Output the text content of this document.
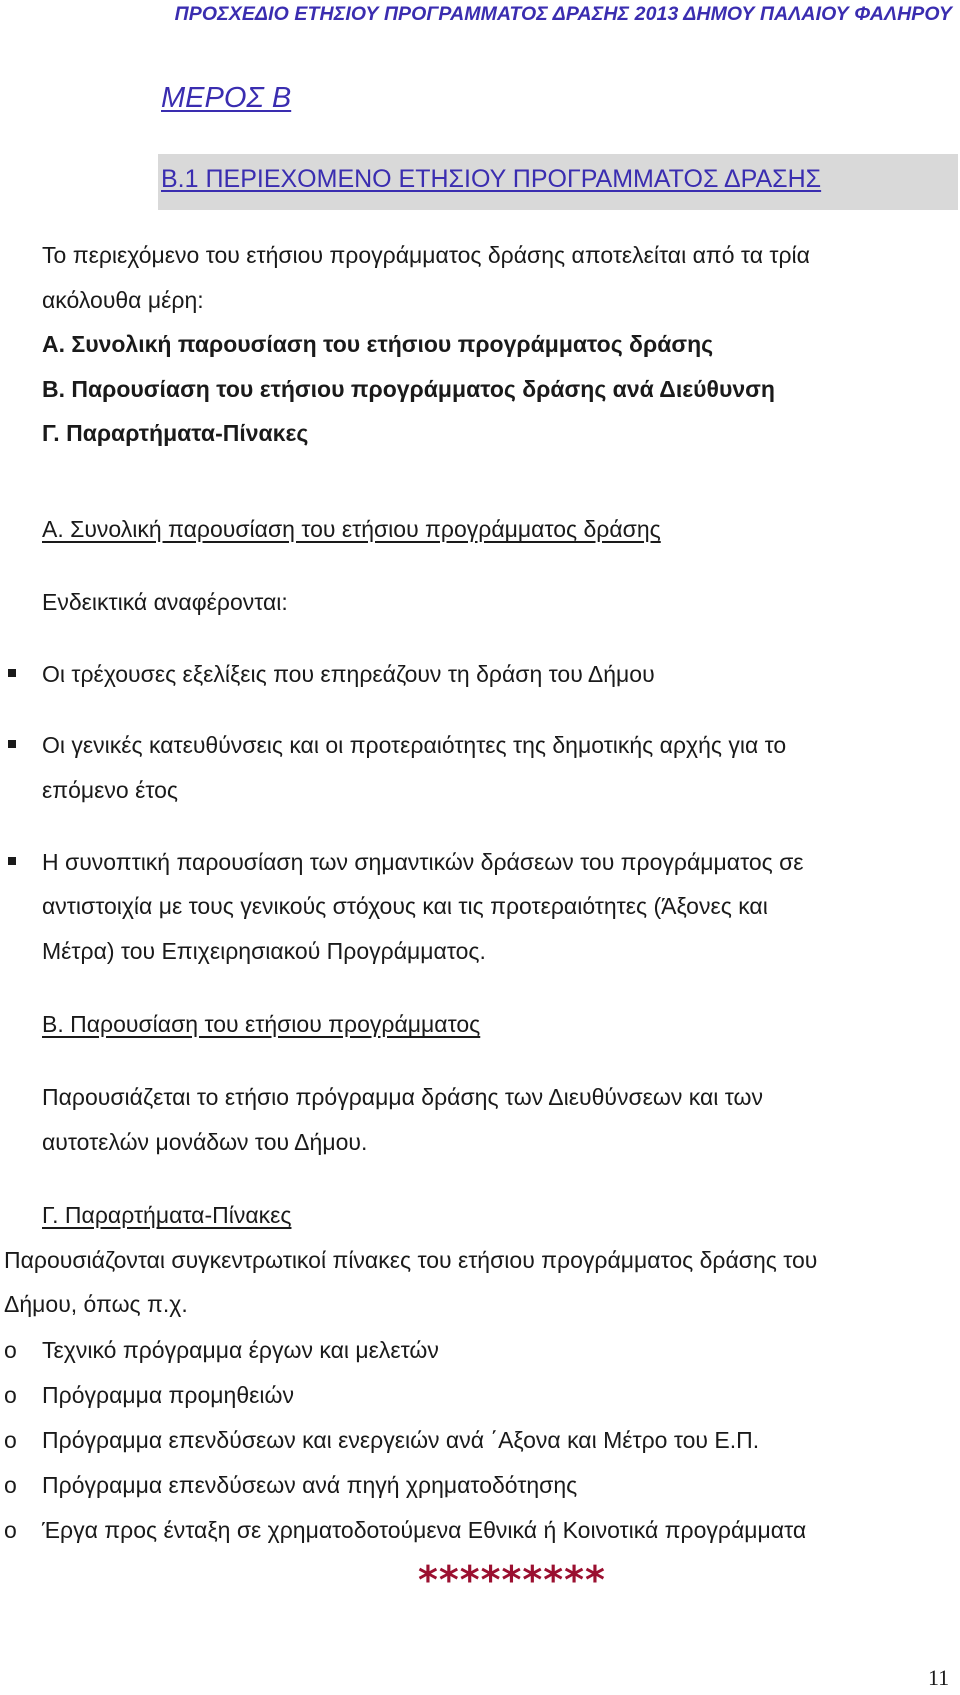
ΠΡΟΣΧΕΔΙΟ ΕΤΗΣΙΟΥ ΠΡΟΓΡΑΜΜΑΤΟΣ ΔΡΑΣΗΣ 2013 ΔΗΜΟΥ ΠΑΛΑΙΟΥ ΦΑΛΗΡΟΥ
ΜΕΡΟΣ Β
Β.1 ΠΕΡΙΕΧΟΜΕΝΟ ΕΤΗΣΙΟΥ ΠΡΟΓΡΑΜΜΑΤΟΣ ΔΡΑΣΗΣ
Το περιεχόμενο του ετήσιου προγράμματος δράσης αποτελείται από τα τρία
ακόλουθα μέρη:
Α. Συνολική παρουσίαση του ετήσιου προγράμματος δράσης
Β. Παρουσίαση του ετήσιου προγράμματος δράσης ανά Διεύθυνση
Γ. Παραρτήματα-Πίνακες
Α. Συνολική παρουσίαση του ετήσιου προγράμματος δράσης
Ενδεικτικά αναφέρονται:
Οι τρέχουσες εξελίξεις που επηρεάζουν τη δράση του Δήμου
Οι γενικές κατευθύνσεις και οι προτεραιότητες της δημοτικής αρχής για το
επόμενο έτος
Η συνοπτική παρουσίαση των σημαντικών δράσεων του προγράμματος σε
αντιστοιχία με τους γενικούς στόχους και τις προτεραιότητες (Άξονες και
Μέτρα) του Επιχειρησιακού Προγράμματος.
Β. Παρουσίαση του ετήσιου προγράμματος
Παρουσιάζεται το ετήσιο πρόγραμμα δράσης των Διευθύνσεων και των
αυτοτελών μονάδων του Δήμου.
Γ. Παραρτήματα-Πίνακες
Παρουσιάζονται συγκεντρωτικοί πίνακες του ετήσιου προγράμματος δράσης του
Δήμου, όπως π.χ.
o Τεχνικό πρόγραμμα έργων και μελετών
o Πρόγραμμα προμηθειών
o Πρόγραμμα επενδύσεων και ενεργειών ανά ΄Αξονα και Μέτρο του Ε.Π.
o Πρόγραμμα επενδύσεων ανά πηγή χρηματοδότησης
o Έργα προς ένταξη σε χρηματοδοτούμενα Εθνικά ή Κοινοτικά προγράμματα
*********
11
